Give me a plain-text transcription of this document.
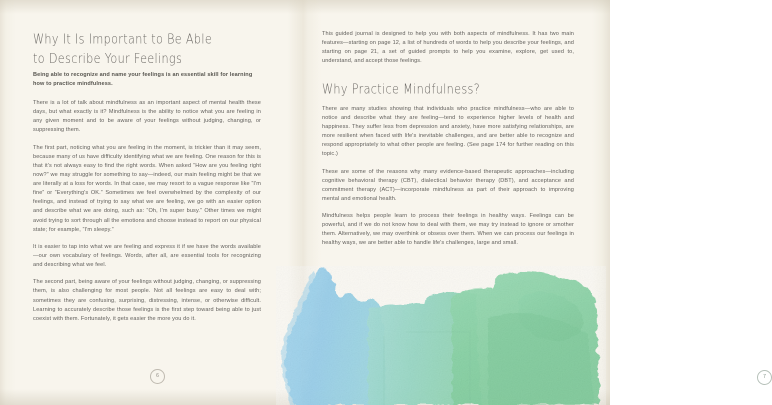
Why It Is Important to Be Able
to Describe Your Feelings

Being able to recognize and name your feelings is an essential skill for learning how to practice mindfulness.

There is a lot of talk about mindfulness as an important aspect of mental health these days, but what exactly is it? Mindfulness is the ability to notice what you are feeling in any given moment and to be aware of your feelings without judging, changing, or suppressing them.

The first part, noticing what you are feeling in the moment, is trickier than it may seem, because many of us have difficulty identifying what we are feeling. One reason for this is that it's not always easy to find the right words. When asked “How are you feeling right now?” we may struggle for something to say—indeed, our main feeling might be that we are literally at a loss for words. In that case, we may resort to a vague response like “I'm fine” or “Everything's OK.” Sometimes we feel overwhelmed by the complexity of our feelings, and instead of trying to say what we are feeling, we go with an easier option and describe what we are doing, such as: “Oh, I'm super busy.” Other times we might avoid trying to sort through all the emotions and choose instead to report on our physical state; for example, “I'm sleepy.”

It is easier to tap into what we are feeling and express it if we have the words available—our own vocabulary of feelings. Words, after all, are essential tools for recognizing and describing what we feel.

The second part, being aware of your feelings without judging, changing, or suppressing them, is also challenging for most people. Not all feelings are easy to deal with; sometimes they are confusing, surprising, distressing, intense, or otherwise difficult. Learning to accurately describe those feelings is the first step toward being able to just coexist with them. Fortunately, it gets easier the more you do it.

6

This guided journal is designed to help you with both aspects of mindfulness. It has two main features—starting on page 12, a list of hundreds of words to help you describe your feelings, and starting on page 21, a set of guided prompts to help you examine, explore, get used to, understand, and accept those feelings.

Why Practice Mindfulness?

There are many studies showing that individuals who practice mindfulness—who are able to notice and describe what they are feeling—tend to experience higher levels of health and happiness. They suffer less from depression and anxiety, have more satisfying relationships, are more resilient when faced with life's inevitable challenges, and are better able to recognize and respond appropriately to what other people are feeling. (See page 174 for further reading on this topic.)

These are some of the reasons why many evidence-based therapeutic approaches—including cognitive behavioral therapy (CBT), dialectical behavior therapy (DBT), and acceptance and commitment therapy (ACT)—incorporate mindfulness as part of their approach to improving mental and emotional health.

Mindfulness helps people learn to process their feelings in healthy ways. Feelings can be powerful, and if we do not know how to deal with them, we may try instead to ignore or smother them. Alternatively, we may overthink or obsess over them. When we can process our feelings in healthy ways, we are better able to handle life's challenges, large and small.

7
